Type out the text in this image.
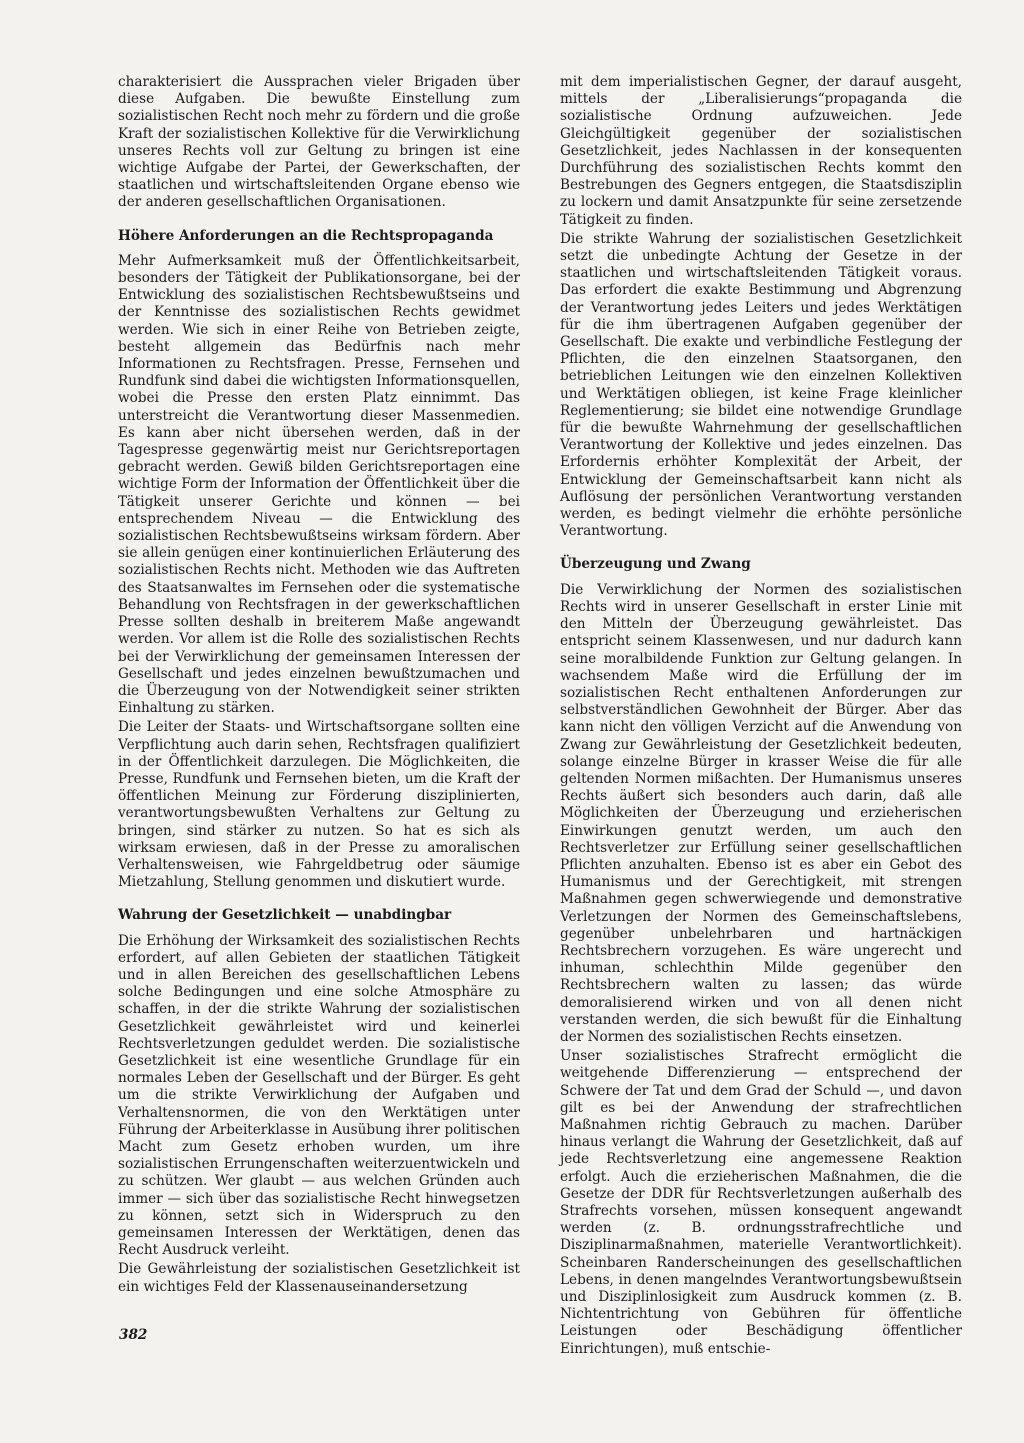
charakterisiert die Aussprachen vieler Brigaden über diese Aufgaben. Die bewußte Einstellung zum sozialistischen Recht noch mehr zu fördern und die große Kraft der sozialistischen Kollektive für die Verwirklichung unseres Rechts voll zur Geltung zu bringen ist eine wichtige Aufgabe der Partei, der Gewerkschaften, der staatlichen und wirtschaftsleitenden Organe ebenso wie der anderen gesellschaftlichen Organisationen.

Höhere Anforderungen an die Rechtspropaganda

Mehr Aufmerksamkeit muß der Öffentlichkeitsarbeit, besonders der Tätigkeit der Publikationsorgane, bei der Entwicklung des sozialistischen Rechtsbewußtseins und der Kenntnisse des sozialistischen Rechts gewidmet werden. Wie sich in einer Reihe von Betrieben zeigte, besteht allgemein das Bedürfnis nach mehr Informationen zu Rechtsfragen. Presse, Fernsehen und Rundfunk sind dabei die wichtigsten Informationsquellen, wobei die Presse den ersten Platz einnimmt. Das unterstreicht die Verantwortung dieser Massenmedien. Es kann aber nicht übersehen werden, daß in der Tagespresse gegenwärtig meist nur Gerichtsreportagen gebracht werden. Gewiß bilden Gerichtsreportagen eine wichtige Form der Information der Öffentlichkeit über die Tätigkeit unserer Gerichte und können — bei entsprechendem Niveau — die Entwicklung des sozialistischen Rechtsbewußtseins wirksam fördern. Aber sie allein genügen einer kontinuierlichen Erläuterung des sozialistischen Rechts nicht. Methoden wie das Auftreten des Staatsanwaltes im Fernsehen oder die systematische Behandlung von Rechtsfragen in der gewerkschaftlichen Presse sollten deshalb in breiterem Maße angewandt werden. Vor allem ist die Rolle des sozialistischen Rechts bei der Verwirklichung der gemeinsamen Interessen der Gesellschaft und jedes einzelnen bewußtzumachen und die Überzeugung von der Notwendigkeit seiner strikten Einhaltung zu stärken.

Die Leiter der Staats- und Wirtschaftsorgane sollten eine Verpflichtung auch darin sehen, Rechtsfragen qualifiziert in der Öffentlichkeit darzulegen. Die Möglichkeiten, die Presse, Rundfunk und Fernsehen bieten, um die Kraft der öffentlichen Meinung zur Förderung disziplinierten, verantwortungsbewußten Verhaltens zur Geltung zu bringen, sind stärker zu nutzen. So hat es sich als wirksam erwiesen, daß in der Presse zu amoralischen Verhaltensweisen, wie Fahrgeldbetrug oder säumige Mietzahlung, Stellung genommen und diskutiert wurde.

Wahrung der Gesetzlichkeit — unabdingbar

Die Erhöhung der Wirksamkeit des sozialistischen Rechts erfordert, auf allen Gebieten der staatlichen Tätigkeit und in allen Bereichen des gesellschaftlichen Lebens solche Bedingungen und eine solche Atmosphäre zu schaffen, in der die strikte Wahrung der sozialistischen Gesetzlichkeit gewährleistet wird und keinerlei Rechtsverletzungen geduldet werden. Die sozialistische Gesetzlichkeit ist eine wesentliche Grundlage für ein normales Leben der Gesellschaft und der Bürger. Es geht um die strikte Verwirklichung der Aufgaben und Verhaltensnormen, die von den Werktätigen unter Führung der Arbeiterklasse in Ausübung ihrer politischen Macht zum Gesetz erhoben wurden, um ihre sozialistischen Errungenschaften weiterzuentwickeln und zu schützen. Wer glaubt — aus welchen Gründen auch immer — sich über das sozialistische Recht hinwegsetzen zu können, setzt sich in Widerspruch zu den gemeinsamen Interessen der Werktätigen, denen das Recht Ausdruck verleiht.

Die Gewährleistung der sozialistischen Gesetzlichkeit ist ein wichtiges Feld der Klassenauseinandersetzung

mit dem imperialistischen Gegner, der darauf ausgeht, mittels der „Liberalisierungs“propaganda die sozialistische Ordnung aufzuweichen. Jede Gleichgültigkeit gegenüber der sozialistischen Gesetzlichkeit, jedes Nachlassen in der konsequenten Durchführung des sozialistischen Rechts kommt den Bestrebungen des Gegners entgegen, die Staatsdisziplin zu lockern und damit Ansatzpunkte für seine zersetzende Tätigkeit zu finden.

Die strikte Wahrung der sozialistischen Gesetzlichkeit setzt die unbedingte Achtung der Gesetze in der staatlichen und wirtschaftsleitenden Tätigkeit voraus. Das erfordert die exakte Bestimmung und Abgrenzung der Verantwortung jedes Leiters und jedes Werktätigen für die ihm übertragenen Aufgaben gegenüber der Gesellschaft. Die exakte und verbindliche Festlegung der Pflichten, die den einzelnen Staatsorganen, den betrieblichen Leitungen wie den einzelnen Kollektiven und Werktätigen obliegen, ist keine Frage kleinlicher Reglementierung; sie bildet eine notwendige Grundlage für die bewußte Wahrnehmung der gesellschaftlichen Verantwortung der Kollektive und jedes einzelnen. Das Erfordernis erhöhter Komplexität der Arbeit, der Entwicklung der Gemeinschaftsarbeit kann nicht als Auflösung der persönlichen Verantwortung verstanden werden, es bedingt vielmehr die erhöhte persönliche Verantwortung.

Überzeugung und Zwang

Die Verwirklichung der Normen des sozialistischen Rechts wird in unserer Gesellschaft in erster Linie mit den Mitteln der Überzeugung gewährleistet. Das entspricht seinem Klassenwesen, und nur dadurch kann seine moralbildende Funktion zur Geltung gelangen. In wachsendem Maße wird die Erfüllung der im sozialistischen Recht enthaltenen Anforderungen zur selbstverständlichen Gewohnheit der Bürger. Aber das kann nicht den völligen Verzicht auf die Anwendung von Zwang zur Gewährleistung der Gesetzlichkeit bedeuten, solange einzelne Bürger in krasser Weise die für alle geltenden Normen mißachten. Der Humanismus unseres Rechts äußert sich besonders auch darin, daß alle Möglichkeiten der Überzeugung und erzieherischen Einwirkungen genutzt werden, um auch den Rechtsverletzer zur Erfüllung seiner gesellschaftlichen Pflichten anzuhalten. Ebenso ist es aber ein Gebot des Humanismus und der Gerechtigkeit, mit strengen Maßnahmen gegen schwerwiegende und demonstrative Verletzungen der Normen des Gemeinschaftslebens, gegenüber unbelehrbaren und hartnäckigen Rechtsbrechern vorzugehen. Es wäre ungerecht und inhuman, schlechthin Milde gegenüber den Rechtsbrechern walten zu lassen; das würde demoralisierend wirken und von all denen nicht verstanden werden, die sich bewußt für die Einhaltung der Normen des sozialistischen Rechts einsetzen.

Unser sozialistisches Strafrecht ermöglicht die weitgehende Differenzierung — entsprechend der Schwere der Tat und dem Grad der Schuld —, und davon gilt es bei der Anwendung der strafrechtlichen Maßnahmen richtig Gebrauch zu machen. Darüber hinaus verlangt die Wahrung der Gesetzlichkeit, daß auf jede Rechtsverletzung eine angemessene Reaktion erfolgt. Auch die erzieherischen Maßnahmen, die die Gesetze der DDR für Rechtsverletzungen außerhalb des Strafrechts vorsehen, müssen konsequent angewandt werden (z. B. ordnungsstrafrechtliche und Disziplinarmaßnahmen, materielle Verantwortlichkeit). Scheinbaren Randerscheinungen des gesellschaftlichen Lebens, in denen mangelndes Verantwortungsbewußtsein und Disziplinlosigkeit zum Ausdruck kommen (z. B. Nichtentrichtung von Gebühren für öffentliche Leistungen oder Beschädigung öffentlicher Einrichtungen), muß entschie-

382
